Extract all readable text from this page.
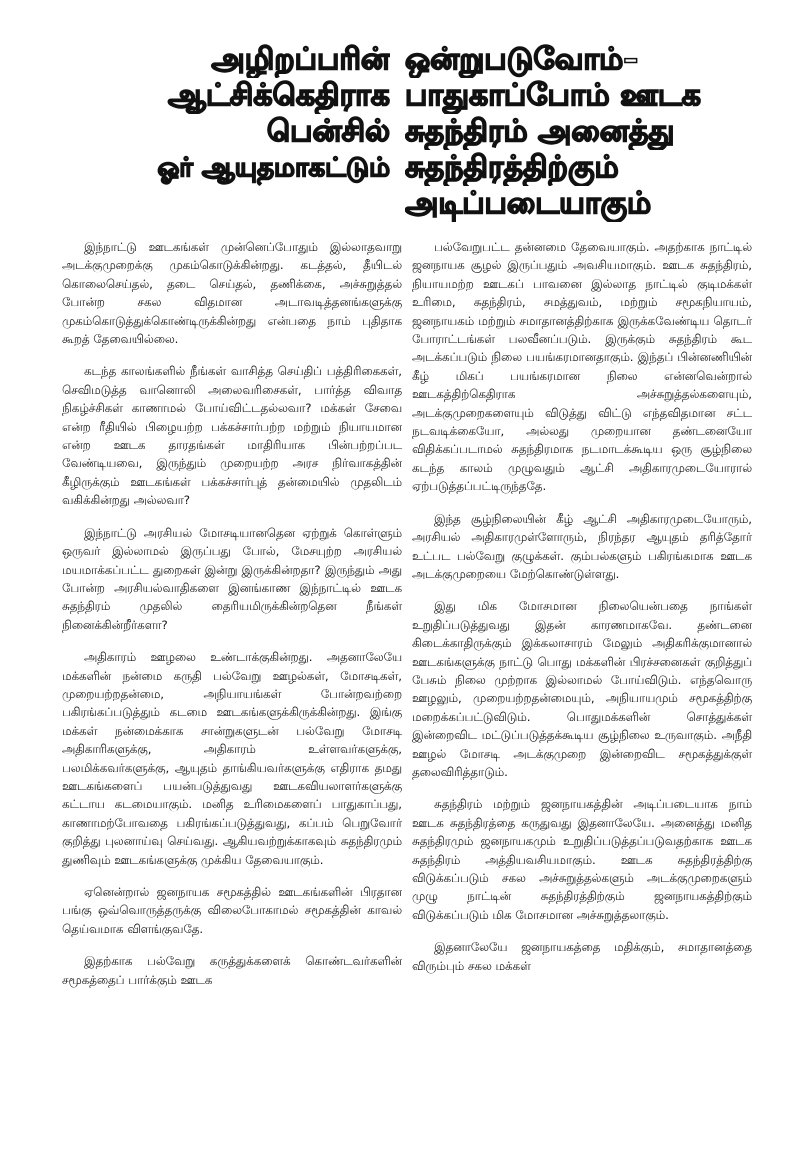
அழிறப்பரின்
ஆட்சிக்கெதிராக
பென்சில்
ஓர் ஆயுதமாகட்டும்
ஒன்றுபடுவோம்–
பாதுகாப்போம் ஊடக
சுதந்திரம் அனைத்து
சுதந்திரத்திற்கும்
அடிப்படையாகும்

இந்நாட்டு ஊடகங்கள் முன்னெப்போதும் இல்லாதவாறு அடக்குமுறைக்கு முகம்கொடுக்கின்றது. கடத்தல், தீயிடல் கொலைசெய்தல், தடை செய்தல், தணிக்கை, அச்சுறுத்தல் போன்ற சகல விதமான அடாவடித்தனங்களுக்கு முகம்கொடுத்துக்கொண்டிருக்கின்றது என்பதை நாம் புதிதாக கூறத் தேவையில்லை.

கடந்த காலங்களில் நீங்கள் வாசித்த செய்திப் பத்திரிகைகள், செவிமடுத்த வானொலி அலைவரிசைகள், பார்த்த விவாத நிகழ்ச்சிகள் காணாமல் போய்விட்டதல்லவா? மக்கள் சேவை என்ற ரீதியில் பிழையற்ற பக்கச்சார்பற்ற மற்றும் நியாயமான என்ற ஊடக தாரதங்கள் மாதிரியாக பின்பற்றப்பட வேண்டியவை, இருந்தும் முறையற்ற அரச நிர்வாகத்தின் கீழிருக்கும் ஊடகங்கள் பக்கச்சார்புத் தன்மையில் முதலிடம் வகிக்கின்றது அல்லவா?

இந்நாட்டு அரசியல் மோசடியானதென ஏற்றுக் கொள்ளும் ஒருவர் இல்லாமல் இருப்பது போல், மேசயுற்ற அரசியல் மயமாக்கப்பட்ட துறைகள் இன்று இருக்கின்றதா? இருந்தும் அது போன்ற அரசியல்வாதிகளை இனங்காண இந்நாட்டில் ஊடக சுதந்திரம் முதலில் தைரியமிருக்கின்றதென நீங்கள் நினைக்கின்றீர்களா?

அதிகாரம் ஊழலை உண்டாக்குகின்றது. அதனாலேயே மக்களின் நன்மை கருதி பல்வேறு ஊழல்கள், மோசடிகள், முறையற்றதன்மை, அநியாயங்கள் போன்றவற்றை பகிரங்கப்படுத்தும் கடமை ஊடகங்களுக்கிருக்கின்றது. இங்கு மக்கள் நன்மைக்காக சான்றுகளுடன் பல்வேறு மோசடி அதிகாரிகளுக்கு, அதிகாரம் உள்ளவர்களுக்கு, பலமிக்கவர்களுக்கு, ஆயுதம் தாங்கியவர்களுக்கு எதிராக தமது ஊடகங்களைப் பயன்படுத்துவது ஊடகவியலாளர்களுக்கு கட்டாய கடமையாகும். மனித உரிமைகளைப் பாதுகாப்பது, காணாமற்போவதை பகிரங்கப்படுத்துவது, கப்பம் பெறுவோர் குறித்து புலனாய்வு செய்வது. ஆகியவற்றுக்காகவும் சுதந்திரமும் துணிவும் ஊடகங்களுக்கு முக்கிய தேவையாகும்.

ஏனென்றால் ஜனநாயக சமூகத்தில் ஊடகங்களின் பிரதான பங்கு ஒவ்வொருத்தருக்கு விலைபோகாமல் சமூகத்தின் காவல் தெய்வமாக விளங்குவதே.

இதற்காக பல்வேறு கருத்துக்களைக் கொண்டவர்களின் சமூகத்தைப் பார்க்கும் ஊடக

பல்வேறுபட்ட தன்னமை தேவையாகும். அதற்காக நாட்டில் ஜனநாயக சூழல் இருப்பதும் அவசியமாகும். ஊடக சுதந்திரம், நியாயமற்ற ஊடகப் பாவனை இல்லாத நாட்டில் குடிமக்கள் உரிமை, சுதந்திரம், சமத்துவம், மற்றும் சமூகநியாயம், ஜனநாயகம் மற்றும் சமாதானத்திற்காக இருக்கவேண்டிய தொடர் போராட்டங்கள் பலவீனப்படும். இருக்கும் சுதந்திரம் கூட அடக்கப்படும் நிலை பயங்கரமானதாகும். இந்தப் பின்னணியின் கீழ் மிகப் பயங்கரமான நிலை என்னவென்றால் ஊடகத்திற்கெதிராக அச்சுறுத்தல்களையும், அடக்குமுறைகளையும் விடுத்து விட்டு எந்தவிதமான சட்ட நடவடிக்கையோ, அல்லது முறையான தண்டனையோ விதிக்கப்படாமல் சுதந்திரமாக நடமாடக்கூடிய ஒரு சூழ்நிலை கடந்த காலம் முழுவதும் ஆட்சி அதிகாரமுடையோரால் ஏற்படுத்தப்பட்டிருந்ததே.

இந்த சூழ்நிலையின் கீழ் ஆட்சி அதிகாரமுடையோரும், அரசியல் அதிகாரமுள்ளோரும், நிரந்தர ஆயுதம் தரித்தோர் உட்பட பல்வேறு குழுக்கள். கும்பல்களும் பகிரங்கமாக ஊடக அடக்குமுறையை மேற்கொண்டுள்ளது.

இது மிக மோசமான நிலையென்பதை நாங்கள் உறுதிப்படுத்துவது இதன் காரணமாகவே. தண்டனை கிடைக்காதிருக்கும் இக்கலாசாரம் மேலும் அதிகரிக்குமானால் ஊடகங்களுக்கு நாட்டு பொது மக்களின் பிரச்சனைகள் குறித்துப் பேசும் நிலை முற்றாக இல்லாமல் போய்விடும். எந்தவொரு ஊழலும், முறையற்றதன்மையும், அநியாயமும் சமூகத்திற்கு மறைக்கப்பட்டுவிடும். பொதுமக்களின் சொத்துக்கள் இன்றைவிட மட்டுப்படுத்தக்கூடிய சூழ்நிலை உருவாகும். அநீதி ஊழல் மோசடி அடக்குமுறை இன்றைவிட சமூகத்துக்குள் தலைவிரித்தாடும்.

சுதந்திரம் மற்றும் ஜனநாயகத்தின் அடிப்படையாக நாம் ஊடக சுதந்திரத்தை கருதுவது இதனாலேயே. அனைத்து மனித சுதந்திரமும் ஜனநாயகமும் உறுதிப்படுத்தப்படுவதற்காக ஊடக சுதந்திரம் அத்தியவசியமாகும். ஊடக சுதந்திரத்திற்கு விடுக்கப்படும் சகல அச்சுறுத்தல்களும் அடக்குமுறைகளும் முழு நாட்டின் சுதந்திரத்திற்கும் ஜனநாயகத்திற்கும் விடுக்கப்படும் மிக மோசமான அச்சுறுத்தலாகும்.

இதனாலேயே ஜனநாயகத்தை மதிக்கும், சமாதானத்தை விரும்பும் சகல மக்கள்
